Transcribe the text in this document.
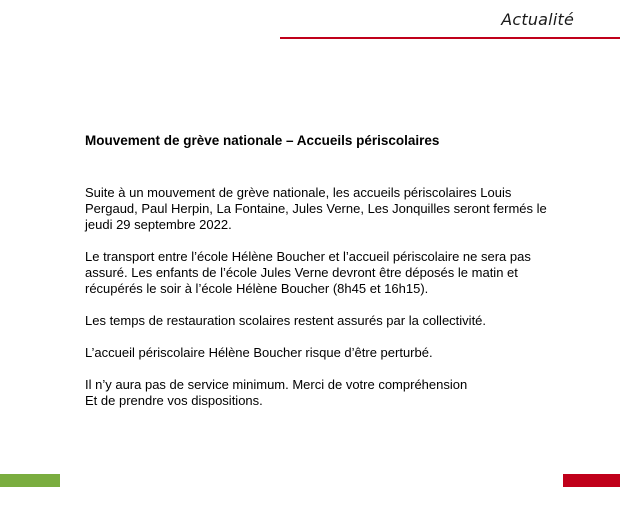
Actualité
Mouvement de grève nationale – Accueils périscolaires

Suite à un mouvement de grève nationale, les accueils périscolaires Louis Pergaud, Paul Herpin, La Fontaine, Jules Verne, Les Jonquilles seront fermés le jeudi 29 septembre 2022.

Le transport entre l’école Hélène Boucher et l’accueil périscolaire ne sera pas assuré. Les enfants de l’école Jules Verne devront être déposés le matin et récupérés le soir à l’école Hélène Boucher (8h45 et 16h15).

Les temps de restauration scolaires restent assurés par la collectivité.

L’accueil périscolaire Hélène Boucher risque d’être perturbé.

Il n’y aura pas de service minimum. Merci de votre compréhension
Et de prendre vos dispositions.
